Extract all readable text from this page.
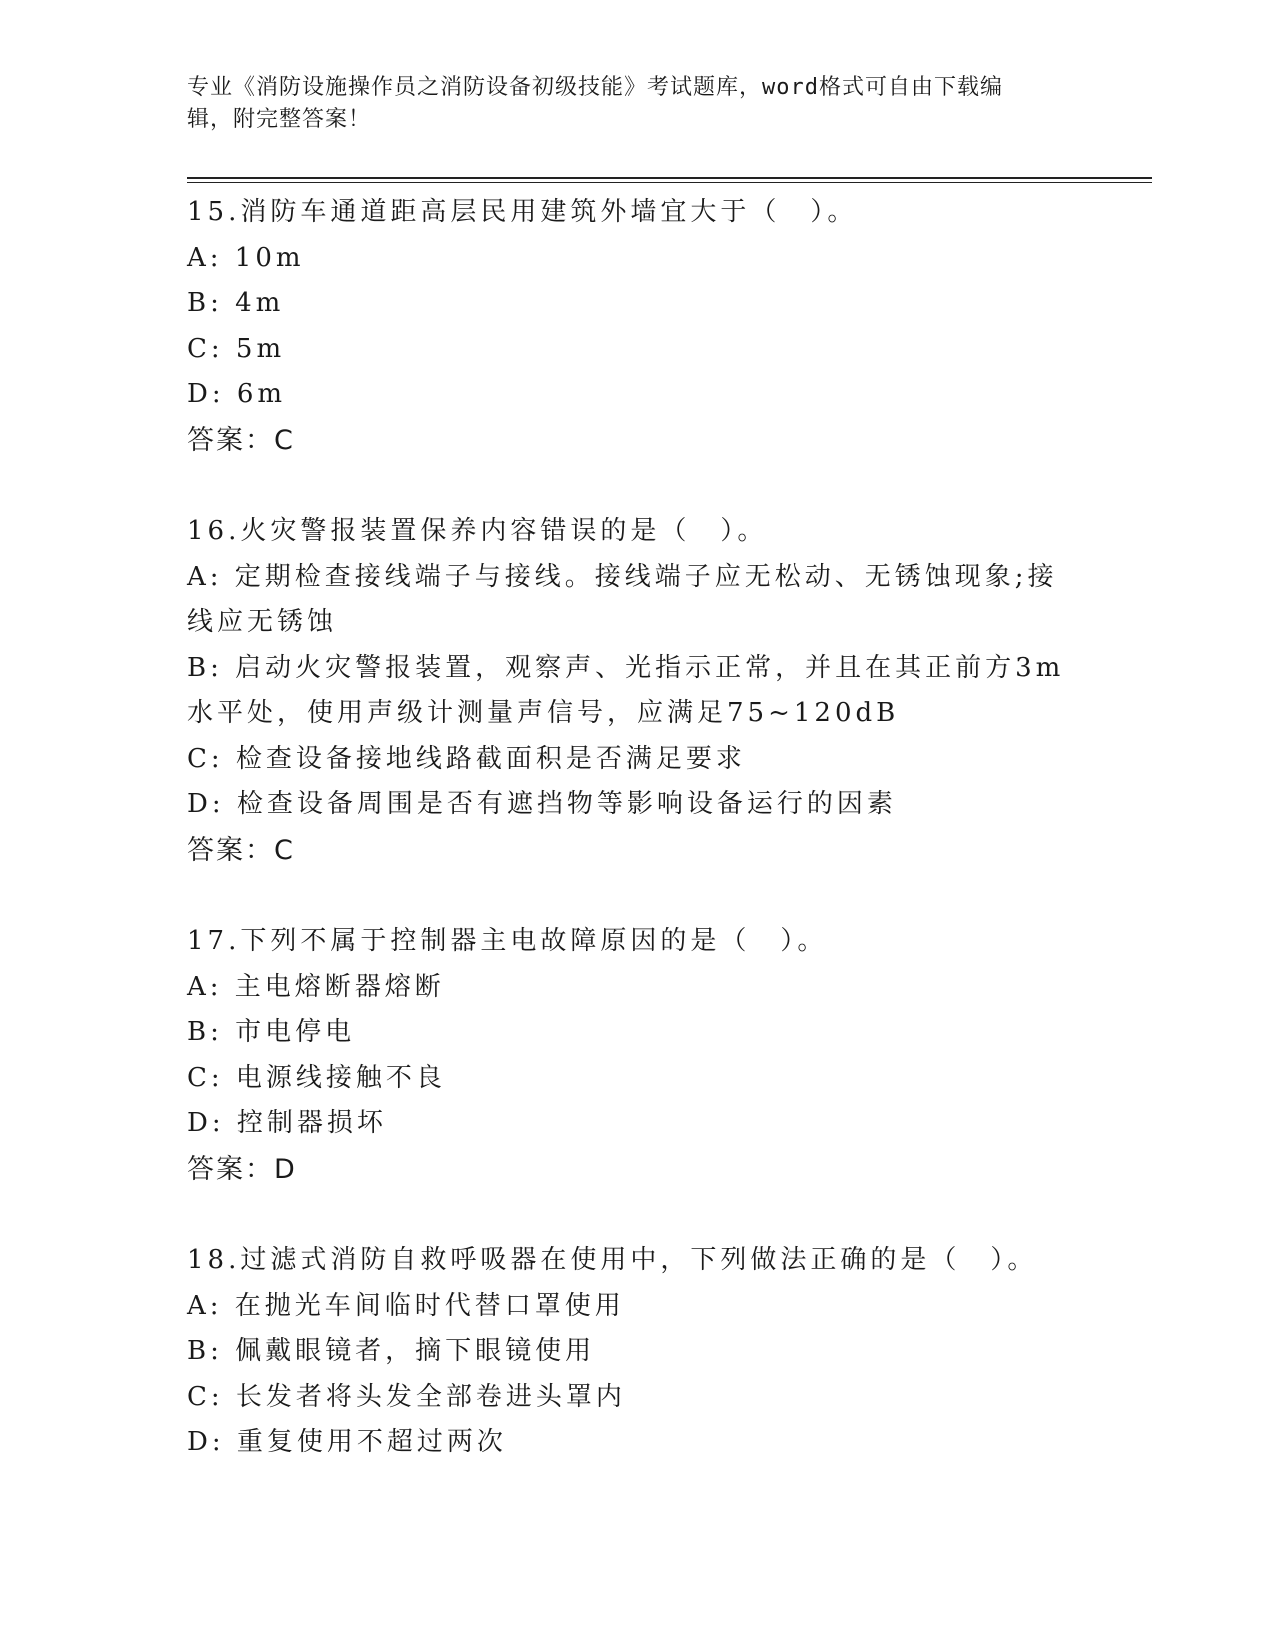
专业《消防设施操作员之消防设备初级技能》考试题库，word格式可自由下载编
辑，附完整答案！
15.消防车通道距高层民用建筑外墙宜大于（　）。
A: 10m
B: 4m
C: 5m
D: 6m
答案：C
16.火灾警报装置保养内容错误的是（　）。
A: 定期检查接线端子与接线。接线端子应无松动、无锈蚀现象;接线应无锈蚀
B: 启动火灾警报装置，观察声、光指示正常，并且在其正前方3m水平处，使用声级计测量声信号，应满足75~120dB
C: 检查设备接地线路截面积是否满足要求
D: 检查设备周围是否有遮挡物等影响设备运行的因素
答案：C
17.下列不属于控制器主电故障原因的是（　）。
A: 主电熔断器熔断
B: 市电停电
C: 电源线接触不良
D: 控制器损坏
答案：D
18.过滤式消防自救呼吸器在使用中，下列做法正确的是（　）。
A: 在抛光车间临时代替口罩使用
B: 佩戴眼镜者，摘下眼镜使用
C: 长发者将头发全部卷进头罩内
D: 重复使用不超过两次
